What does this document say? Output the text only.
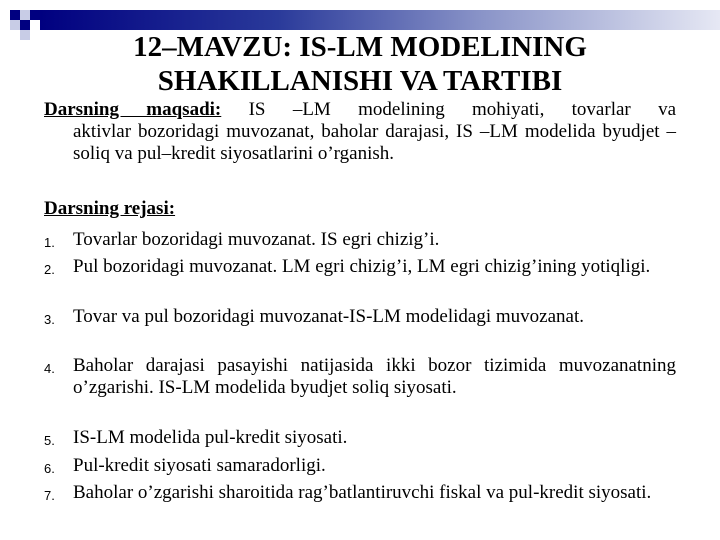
12–MAVZU: IS-LM MODELINING
SHAKILLANISHI VA TARTIBI
Darsning maqsadi: IS –LM modelining mohiyati, tovarlar va
aktivlar bozoridagi muvozanat, baholar darajasi, IS –LM modelida byudjet –soliq va pul–kredit siyosatlarini o’rganish.
Darsning rejasi:
1. Tovarlar bozoridagi muvozanat. IS egri chizig’i.
2. Pul bozoridagi muvozanat. LM egri chizig’i, LM egri chizig’ining yotiqligi.
3. Tovar va pul bozoridagi muvozanat-IS-LM modelidagi muvozanat.
4. Baholar darajasi pasayishi natijasida ikki bozor tizimida muvozanatning o’zgarishi. IS-LM modelida byudjet soliq siyosati.
5. IS-LM modelida pul-kredit siyosati.
6. Pul-kredit siyosati samaradorligi.
7. Baholar o’zgarishi sharoitida rag’batlantiruvchi fiskal va pul-kredit siyosati.
